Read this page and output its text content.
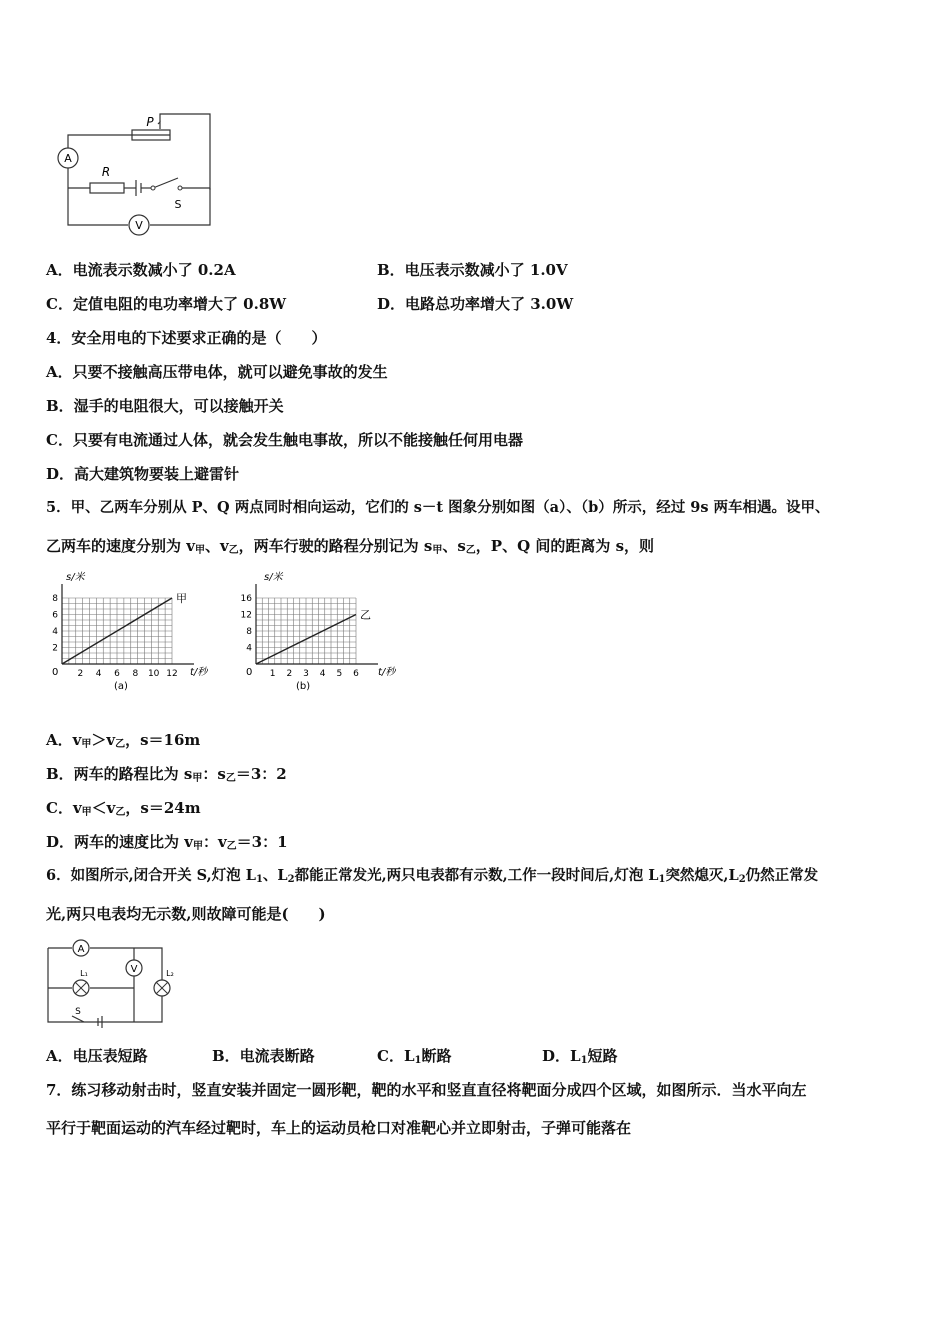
A
V
P
R
S
A．电流表示数减小了 0.2A	B．电压表示数减小了 1.0V
C．定值电阻的电功率增大了 0.8W	D．电路总功率增大了 3.0W
4．安全用电的下述要求正确的是（　　）
A．只要不接触高压带电体，就可以避免事故的发生
B．湿手的电阻很大，可以接触开关
C．只要有电流通过人体，就会发生触电事故，所以不能接触任何用电器
D．高大建筑物要装上避雷针
5．甲、乙两车分别从 P、Q 两点同时相向运动，它们的 s－t 图象分别如图（a）、（b）所示，经过 9s 两车相遇。设甲、
乙两车的速度分别为 $v_甲$、$v_乙$，两车行驶的路程分别记为 $s_甲$、$s_乙$，P、Q 间的距离为 s，则
2
4
6
8
2 4 6 8 10 12
甲
s/米
t/秒
(a)
0
4
8
12
16
1 2 3 4 5 6
乙
s/米
t/秒
(b)
0
A．$v_甲>v_乙$，s＝16m
B．两车的路程比为 $s_甲$：$s_乙=3$：2
C．$v_甲<v_乙$，s＝24m
D．两车的速度比为 $v_甲$：$v_乙=3$：1
6．如图所示,闭合开关 S,灯泡 $L_1$、$L_2$都能正常发光,两只电表都有示数,工作一段时间后,灯泡 $L_1$突然熄灭$,L_2$仍然正常发
光,两只电表均无示数,则故障可能是(　　)
A
V
L₁	L₂
S
A．电压表短路	B．电流表断路	C．$L_1$断路	D．$L_1$短路
7．练习移动射击时，竖直安装并固定一圆形靶，靶的水平和竖直直径将靶面分成四个区域，如图所示．当水平向左
平行于靶面运动的汽车经过靶时，车上的运动员枪口对准靶心并立即射击，子弹可能落在
